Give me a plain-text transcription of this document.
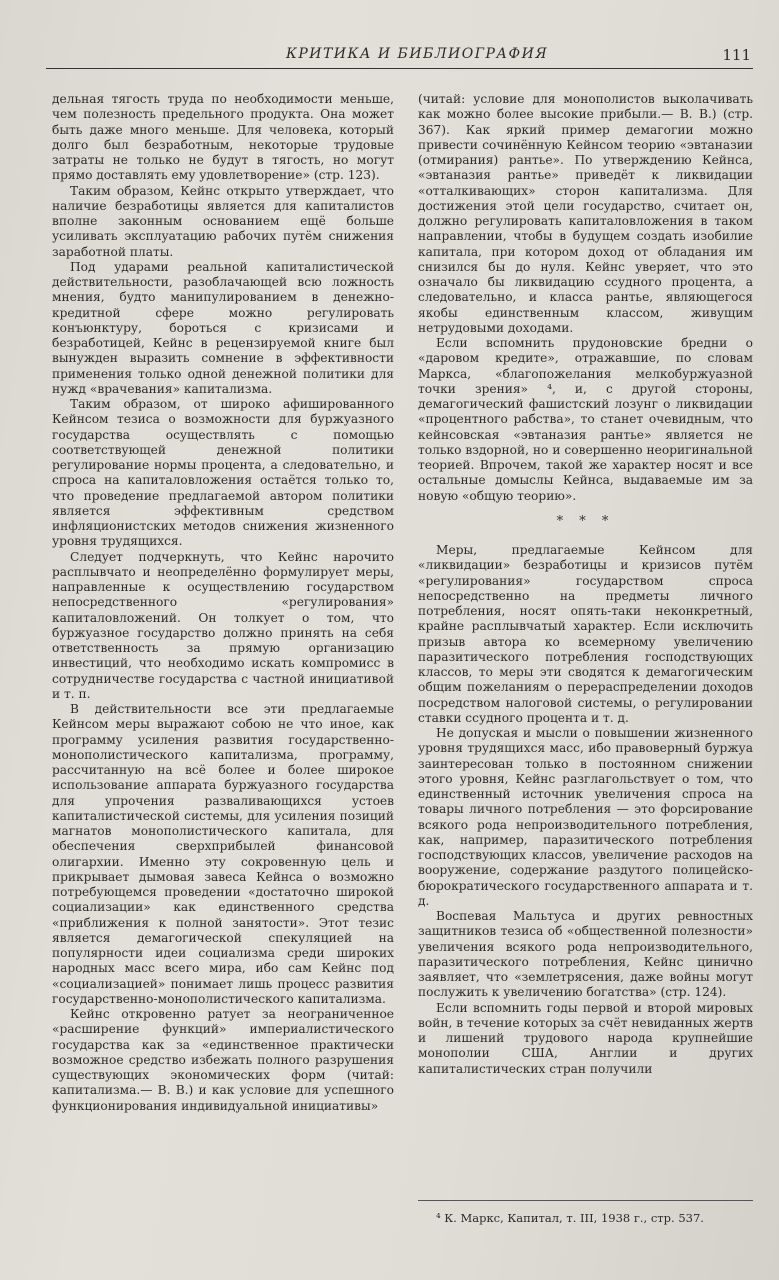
КРИТИКА И БИБЛИОГРАФИЯ	111

дельная тягость труда по необходимости меньше, чем полезность предельного продукта. Она может быть даже много меньше. Для человека, который долго был безработным, некоторые трудовые затраты не только не будут в тягость, но могут прямо доставлять ему удовлетворение» (стр. 123).

Таким образом, Кейнс открыто утверждает, что наличие безработицы является для капиталистов вполне законным основанием ещё больше усиливать эксплуатацию рабочих путём снижения заработной платы.

Под ударами реальной капиталистической действительности, разоблачающей всю ложность мнения, будто манипулированием в денежно-кредитной сфере можно регулировать конъюнктуру, бороться с кризисами и безработицей, Кейнс в рецензируемой книге был вынужден выразить сомнение в эффективности применения только одной денежной политики для нужд «врачевания» капитализма.

Таким образом, от широко афишированного Кейнсом тезиса о возможности для буржуазного государства осуществлять с помощью соответствующей денежной политики регулирование нормы процента, а следовательно, и спроса на капиталовложения остаётся только то, что проведение предлагаемой автором политики является эффективным средством инфляционистских методов снижения жизненного уровня трудящихся.

Следует подчеркнуть, что Кейнс нарочито расплывчато и неопределённо формулирует меры, направленные к осуществлению государством непосредственного «регулирования» капиталовложений. Он толкует о том, что буржуазное государство должно принять на себя ответственность за прямую организацию инвестиций, что необходимо искать компромисс в сотрудничестве государства с частной инициативой и т. п.

В действительности все эти предлагаемые Кейнсом меры выражают собою не что иное, как программу усиления развития государственно-монополистического капитализма, программу, рассчитанную на всё более и более широкое использование аппарата буржуазного государства для упрочения разваливающихся устоев капиталистической системы, для усиления позиций магнатов монополистического капитала, для обеспечения сверхприбылей финансовой олигархии. Именно эту сокровенную цель и прикрывает дымовая завеса Кейнса о возможно потребующемся проведении «достаточно широкой социализации» как единственного средства «приближения к полной занятости». Этот тезис является демагогической спекуляцией на популярности идеи социализма среди широких народных масс всего мира, ибо сам Кейнс под «социализацией» понимает лишь процесс развития государственно-монополистического капитализма.

Кейнс откровенно ратует за неограниченное «расширение функций» империалистического государства как за «единственное практически возможное средство избежать полного разрушения существующих экономических форм (читай: капитализма.— В. В.) и как условие для успешного функционирования индивидуальной инициативы»

(читай: условие для монополистов выколачивать как можно более высокие прибыли.— В. В.) (стр. 367). Как яркий пример демагогии можно привести сочинённую Кейнсом теорию «эвтаназии (отмирания) рантье». По утверждению Кейнса, «эвтаназия рантье» приведёт к ликвидации «отталкивающих» сторон капитализма. Для достижения этой цели государство, считает он, должно регулировать капиталовложения в таком направлении, чтобы в будущем создать изобилие капитала, при котором доход от обладания им снизился бы до нуля. Кейнс уверяет, что это означало бы ликвидацию ссудного процента, а следовательно, и класса рантье, являющегося якобы единственным классом, живущим нетрудовыми доходами.

Если вспомнить прудоновские бредни о «даровом кредите», отражавшие, по словам Маркса, «благопожелания мелкобуржуазной точки зрения» ⁴, и, с другой стороны, демагогический фашистский лозунг о ликвидации «процентного рабства», то станет очевидным, что кейнсовская «эвтаназия рантье» является не только вздорной, но и совершенно неоригинальной теорией. Впрочем, такой же характер носят и все остальные домыслы Кейнса, выдаваемые им за новую «общую теорию».

* * *

Меры, предлагаемые Кейнсом для «ликвидации» безработицы и кризисов путём «регулирования» государством спроса непосредственно на предметы личного потребления, носят опять-таки неконкретный, крайне расплывчатый характер. Если исключить призыв автора ко всемерному увеличению паразитического потребления господствующих классов, то меры эти сводятся к демагогическим общим пожеланиям о перераспределении доходов посредством налоговой системы, о регулировании ставки ссудного процента и т. д.

Не допуская и мысли о повышении жизненного уровня трудящихся масс, ибо правоверный буржуа заинтересован только в постоянном снижении этого уровня, Кейнс разглагольствует о том, что единственный источник увеличения спроса на товары личного потребления — это форсирование всякого рода непроизводительного потребления, как, например, паразитического потребления господствующих классов, увеличение расходов на вооружение, содержание раздутого полицейско-бюрократического государственного аппарата и т. д.

Воспевая Мальтуса и других ревностных защитников тезиса об «общественной полезности» увеличения всякого рода непроизводительного, паразитического потребления, Кейнс цинично заявляет, что «землетрясения, даже войны могут послужить к увеличению богатства» (стр. 124).

Если вспомнить годы первой и второй мировых войн, в течение которых за счёт невиданных жертв и лишений трудового народа крупнейшие монополии США, Англии и других капиталистических стран получили

⁴ К. Маркс, Капитал, т. III, 1938 г., стр. 537.
